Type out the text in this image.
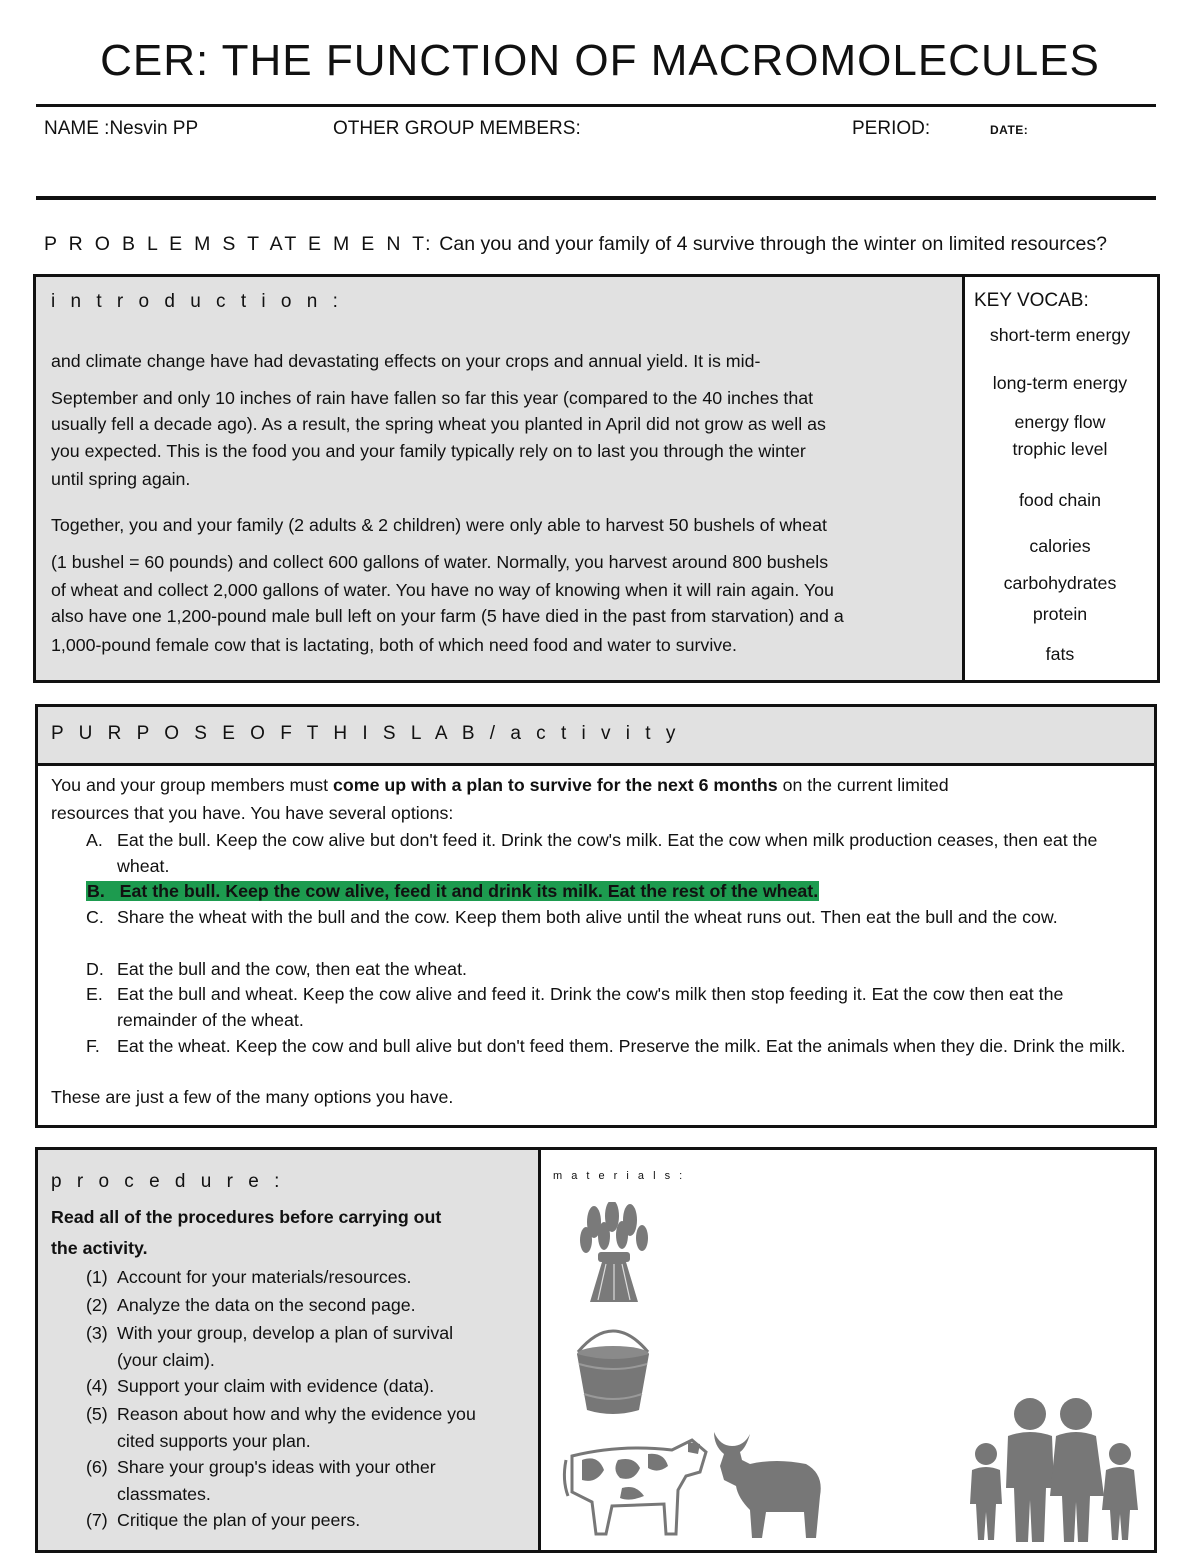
CER: THE FUNCTION OF MACROMOLECULES
NAME :Nesvin PP	OTHER GROUP MEMBERS:	PERIOD:	DATE:
P R O B L E M S T AT E M E N T: Can you and your family of 4 survive through the winter on limited resources?
i n t r o d u c t i o n :
and climate change have had devastating effects on your crops and annual yield. It is mid-
September and only 10 inches of rain have fallen so far this year (compared to the 40 inches that
usually fell a decade ago). As a result, the spring wheat you planted in April did not grow as well as
you expected. This is the food you and your family typically rely on to last you through the winter
until spring again.
Together, you and your family (2 adults & 2 children) were only able to harvest 50 bushels of wheat
(1 bushel = 60 pounds) and collect 600 gallons of water. Normally, you harvest around 800 bushels
of wheat and collect 2,000 gallons of water. You have no way of knowing when it will rain again. You
also have one 1,200-pound male bull left on your farm (5 have died in the past from starvation) and a
1,000-pound female cow that is lactating, both of which need food and water to survive.
KEY VOCAB:
short-term energy
long-term energy
energy flow
trophic level
food chain
calories
carbohydrates
protein
fats
P U R P O S E O F T H I S L A B / a c t i v i t y
You and your group members must come up with a plan to survive for the next 6 months on the current limited
resources that you have. You have several options:
A. Eat the bull. Keep the cow alive but don't feed it. Drink the cow's milk. Eat the cow when milk production ceases, then eat the wheat.
B. Eat the bull. Keep the cow alive, feed it and drink its milk. Eat the rest of the wheat.
C. Share the wheat with the bull and the cow. Keep them both alive until the wheat runs out. Then eat the bull and the cow.
D. Eat the bull and the cow, then eat the wheat.
E. Eat the bull and wheat. Keep the cow alive and feed it. Drink the cow's milk then stop feeding it. Eat the cow then eat the remainder of the wheat.
F. Eat the wheat. Keep the cow and bull alive but don't feed them. Preserve the milk. Eat the animals when they die. Drink the milk.
These are just a few of the many options you have.
p r o c e d u r e :
Read all of the procedures before carrying out
the activity.
(1) Account for your materials/resources.
(2) Analyze the data on the second page.
(3) With your group, develop a plan of survival (your claim).
(4) Support your claim with evidence (data).
(5) Reason about how and why the evidence you cited supports your plan.
(6) Share your group's ideas with your other classmates.
(7) Critique the plan of your peers.
m a t e r i a l s :
